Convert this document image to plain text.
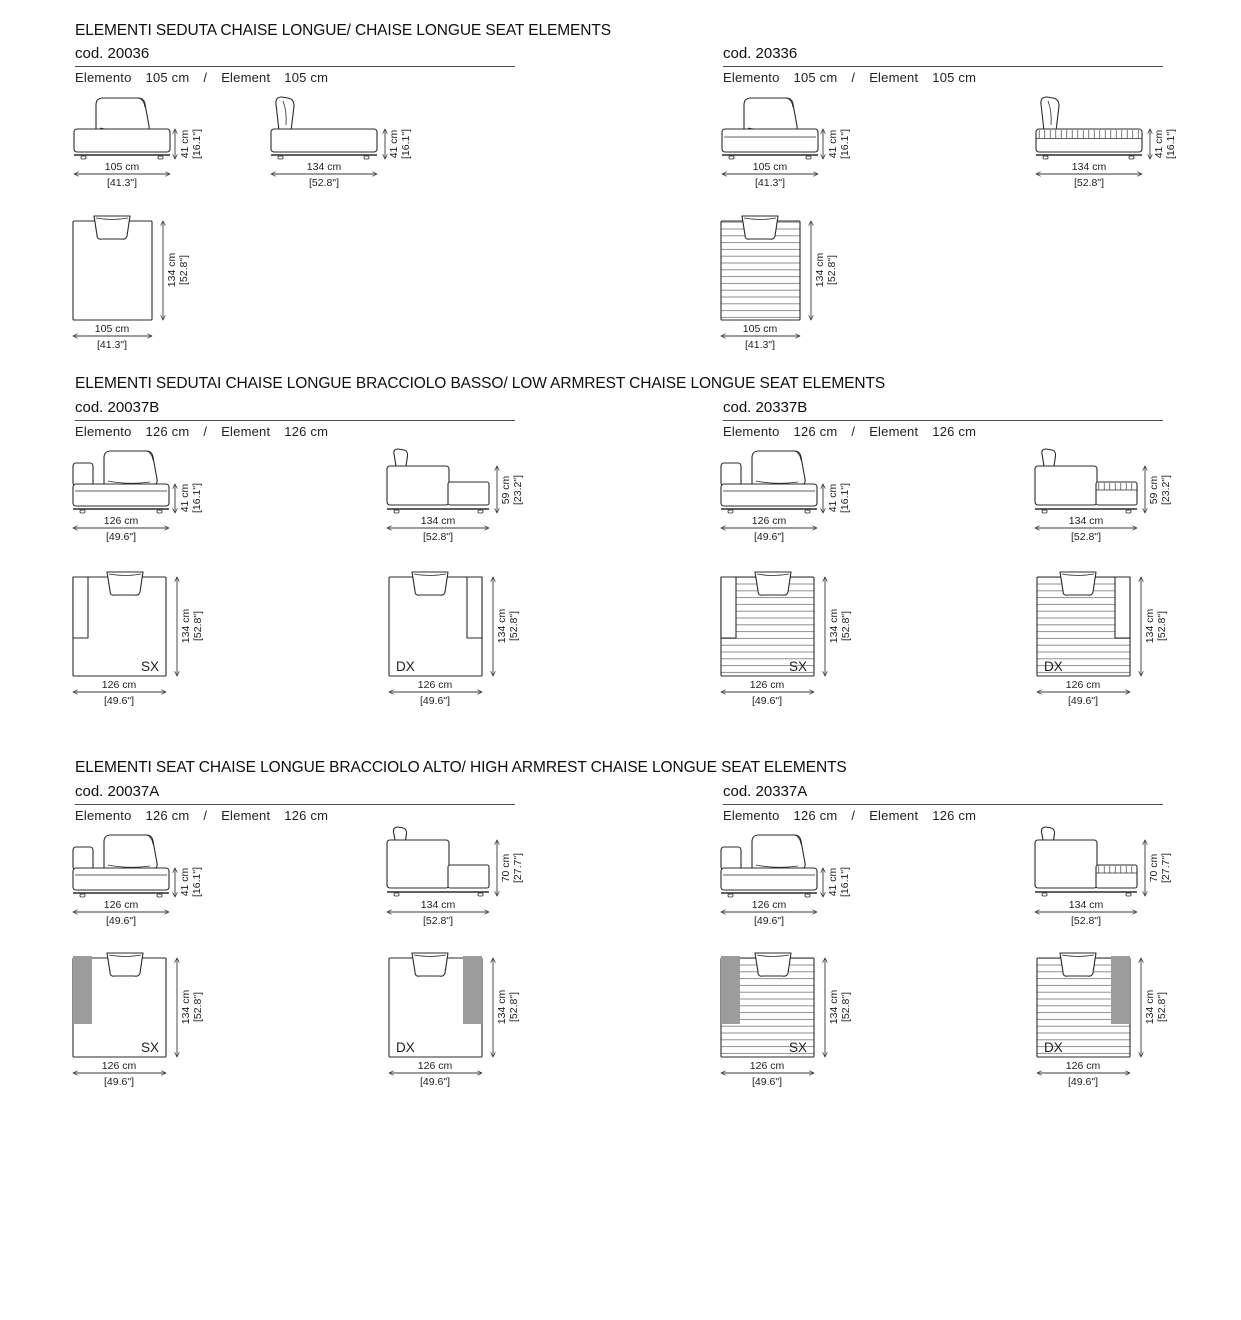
ELEMENTI SEDUTA CHAISE LONGUE/ CHAISE LONGUE SEAT ELEMENTS
cod. 20036
Elemento 105 cm / Element 105 cm
cod. 20336
Elemento 105 cm / Element 105 cm
41 cm [16.1"]
105 cm
[41.3"]
41 cm [16.1"]
134 cm
[52.8"]
134 cm [52.8"]
105 cm
[41.3"]
41 cm [16.1"]
105 cm
[41.3"]
41 cm [16.1"]
134 cm
[52.8"]
134 cm [52.8"]
105 cm
[41.3"]
ELEMENTI SEDUTAI CHAISE LONGUE BRACCIOLO BASSO/ LOW ARMREST CHAISE LONGUE SEAT ELEMENTS
cod. 20037B
Elemento 126 cm / Element 126 cm
cod. 20337B
Elemento 126 cm / Element 126 cm
41 cm [16.1"]
126 cm
[49.6"]
59 cm [23.2"]
134 cm
[52.8"]
SX
134 cm [52.8"]
126 cm
[49.6"]
DX
134 cm [52.8"]
126 cm
[49.6"]
41 cm [16.1"]
126 cm
[49.6"]
59 cm [23.2"]
134 cm
[52.8"]
SX
134 cm [52.8"]
126 cm
[49.6"]
DX
134 cm [52.8"]
126 cm
[49.6"]
ELEMENTI SEAT CHAISE LONGUE BRACCIOLO ALTO/ HIGH ARMREST CHAISE LONGUE SEAT ELEMENTS
cod. 20037A
Elemento 126 cm / Element 126 cm
cod. 20337A
Elemento 126 cm / Element 126 cm
41 cm [16.1"]
126 cm
[49.6"]
70 cm [27.7"]
134 cm
[52.8"]
SX
134 cm [52.8"]
126 cm
[49.6"]
DX
134 cm [52.8"]
126 cm
[49.6"]
41 cm [16.1"]
126 cm
[49.6"]
70 cm [27.7"]
134 cm
[52.8"]
SX
134 cm [52.8"]
126 cm
[49.6"]
DX
134 cm [52.8"]
126 cm
[49.6"]
